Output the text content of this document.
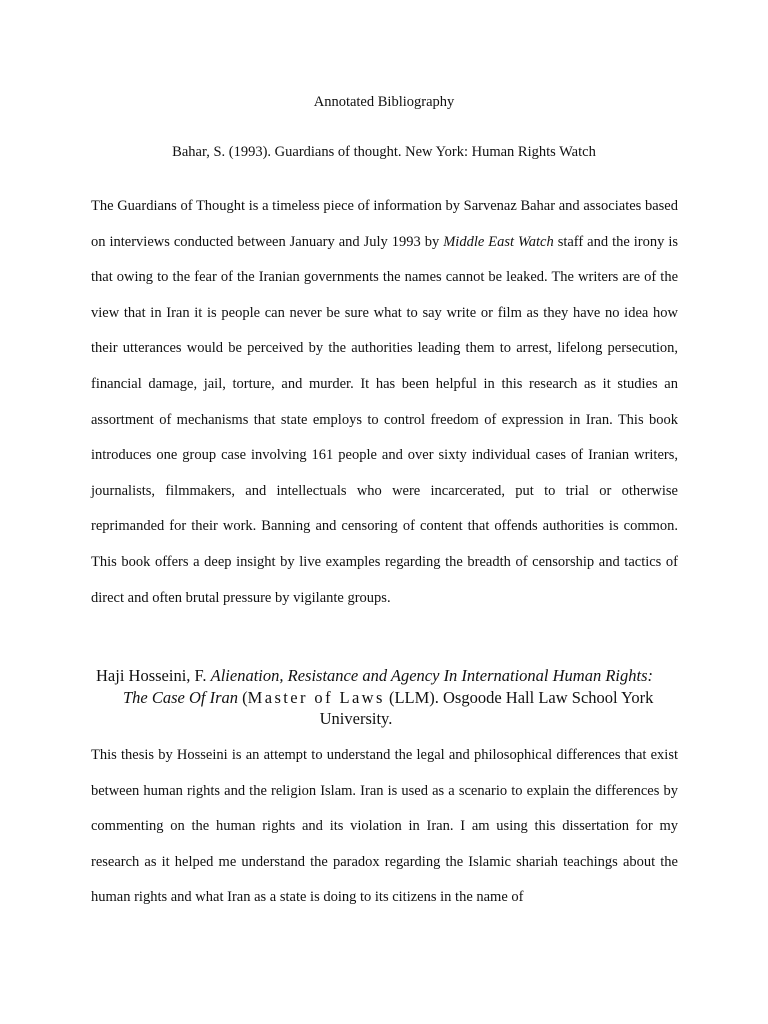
Annotated Bibliography
Bahar, S. (1993). Guardians of thought. New York: Human Rights Watch

The Guardians of Thought is a timeless piece of information by Sarvenaz Bahar and associates based on interviews conducted between January and July 1993 by Middle East Watch staff and the irony is that owing to the fear of the Iranian governments the names cannot be leaked. The writers are of the view that in Iran it is people can never be sure what to say write or film as they have no idea how their utterances would be perceived by the authorities leading them to arrest, lifelong persecution, financial damage, jail, torture, and murder. It has been helpful in this research as it studies an assortment of mechanisms that state employs to control freedom of expression in Iran. This book introduces one group case involving 161 people and over sixty individual cases of Iranian writers, journalists, filmmakers, and intellectuals who were incarcerated, put to trial or otherwise reprimanded for their work. Banning and censoring of content that offends authorities is common. This book offers a deep insight by live examples regarding the breadth of censorship and tactics of direct and often brutal pressure by vigilante groups.

Haji Hosseini, F. Alienation, Resistance and Agency In International Human Rights:
The Case Of Iran (Master of Laws (LLM). Osgoode Hall Law School York
University.

This thesis by Hosseini is an attempt to understand the legal and philosophical differences that exist between human rights and the religion Islam. Iran is used as a scenario to explain the differences by commenting on the human rights and its violation in Iran. I am using this dissertation for my research as it helped me understand the paradox regarding the Islamic shariah teachings about the human rights and what Iran as a state is doing to its citizens in the name of
